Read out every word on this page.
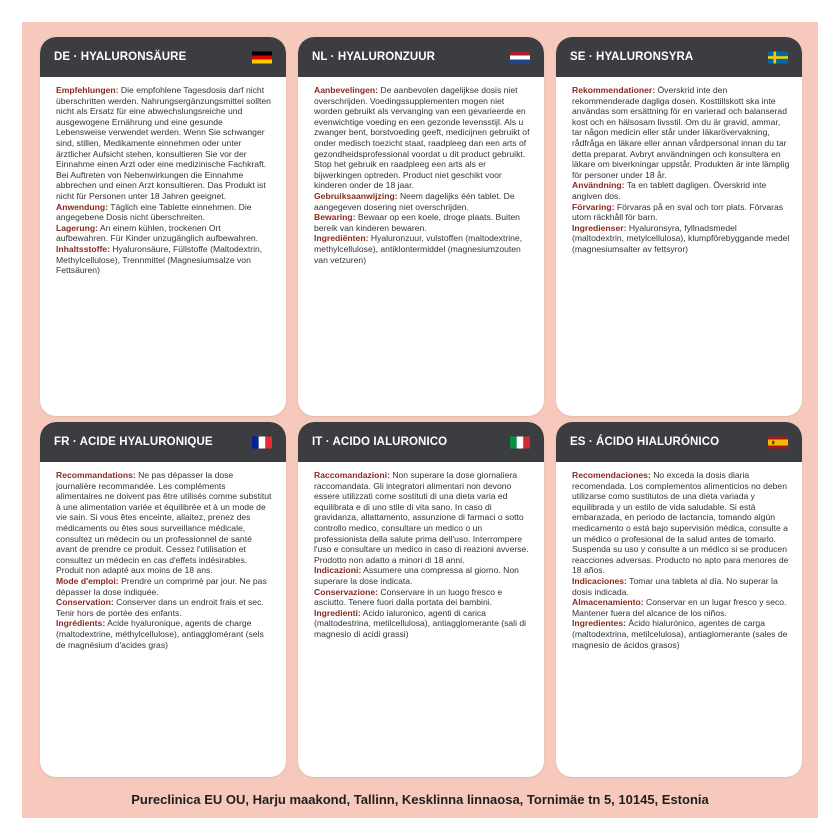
DE · HYALURONSÄURE

Empfehlungen: Die empfohlene Tagesdosis darf nicht überschritten werden. Nahrungsergänzungsmittel sollten nicht als Ersatz für eine abwechslungsreiche und ausgewogene Ernährung und eine gesunde Lebensweise verwendet werden. Wenn Sie schwanger sind, stillen, Medikamente einnehmen oder unter ärztlicher Aufsicht stehen, konsultieren Sie vor der Einnahme einen Arzt oder eine medizinische Fachkraft. Bei Auftreten von Nebenwirkungen die Einnahme abbrechen und einen Arzt konsultieren. Das Produkt ist nicht für Personen unter 18 Jahren geeignet.

Anwendung: Täglich eine Tablette einnehmen. Die angegebene Dosis nicht überschreiten.

Lagerung: An einem kühlen, trockenen Ort aufbewahren. Für Kinder unzugänglich aufbewahren.

Inhaltsstoffe: Hyaluronsäure, Füllstoffe (Maltodextrin, Methylcellulose), Trennmittel (Magnesiumsalze von Fettsäuren)

NL · HYALURONZUUR

Aanbevelingen: De aanbevolen dagelijkse dosis niet overschrijden. Voedingssupplementen mogen niet worden gebruikt als vervanging van een gevarieerde en evenwichtige voeding en een gezonde levensstijl. Als u zwanger bent, borstvoeding geeft, medicijnen gebruikt of onder medisch toezicht staat, raadpleeg dan een arts of gezondheidsprofessional voordat u dit product gebruikt. Stop het gebruik en raadpleeg een arts als er bijwerkingen optreden. Product niet geschikt voor kinderen onder de 18 jaar.

Gebruiksaanwijzing: Neem dagelijks één tablet. De aangegeven dosering niet overschrijden.

Bewaring: Bewaar op een koele, droge plaats. Buiten bereik van kinderen bewaren.

Ingrediënten: Hyaluronzuur, vulstoffen (maltodextrine, methylcellulose), antiklontermiddel (magnesiumzouten van vetzuren)

SE · HYALURONSYRA

Rekommendationer: Överskrid inte den rekommenderade dagliga dosen. Kosttillskott ska inte användas som ersättning för en varierad och balanserad kost och en hälsosam livsstil. Om du är gravid, ammar, tar någon medicin eller står under läkarövervakning, rådfråga en läkare eller annan vårdpersonal innan du tar detta preparat. Avbryt användningen och konsultera en läkare om biverkningar uppstår. Produkten är inte lämplig för personer under 18 år.

Användning: Ta en tablett dagligen. Överskrid inte angiven dos.

Förvaring: Förvaras på en sval och torr plats. Förvaras utom räckhåll för barn.

Ingredienser: Hyaluronsyra, fyllnadsmedel (maltodextrin, metylcellulosa), klumpförebyggande medel (magnesiumsalter av fettsyror)

FR · ACIDE HYALURONIQUE

Recommandations: Ne pas dépasser la dose journalière recommandée. Les compléments alimentaires ne doivent pas être utilisés comme substitut à une alimentation variée et équilibrée et à un mode de vie sain. Si vous êtes enceinte, allaitez, prenez des médicaments ou êtes sous surveillance médicale, consultez un médecin ou un professionnel de santé avant de prendre ce produit. Cessez l'utilisation et consultez un médecin en cas d'effets indésirables. Produit non adapté aux moins de 18 ans.

Mode d'emploi: Prendre un comprimé par jour. Ne pas dépasser la dose indiquée.

Conservation: Conserver dans un endroit frais et sec. Tenir hors de portée des enfants.

Ingrédients: Acide hyaluronique, agents de charge (maltodextrine, méthylcellulose), antiagglomérant (sels de magnésium d'acides gras)

IT · ACIDO IALURONICO

Raccomandazioni: Non superare la dose giornaliera raccomandata. Gli integratori alimentari non devono essere utilizzati come sostituti di una dieta varia ed equilibrata e di uno stile di vita sano. In caso di gravidanza, allattamento, assunzione di farmaci o sotto controllo medico, consultare un medico o un professionista della salute prima dell'uso. Interrompere l'uso e consultare un medico in caso di reazioni avverse. Prodotto non adatto a minori di 18 anni.

Indicazioni: Assumere una compressa al giorno. Non superare la dose indicata.

Conservazione: Conservare in un luogo fresco e asciutto. Tenere fuori dalla portata dei bambini.

Ingredienti: Acido ialuronico, agenti di carica (maltodestrina, metilcellulosa), antiagglomerante (sali di magnesio di acidi grassi)

ES · ÁCIDO HIALURÓNICO

Recomendaciones: No exceda la dosis diaria recomendada. Los complementos alimenticios no deben utilizarse como sustitutos de una dieta variada y equilibrada y un estilo de vida saludable. Si está embarazada, en periodo de lactancia, tomando algún medicamento o está bajo supervisión médica, consulte a un médico o profesional de la salud antes de tomarlo. Suspenda su uso y consulte a un médico si se producen reacciones adversas. Producto no apto para menores de 18 años.

Indicaciones: Tomar una tableta al día. No superar la dosis indicada.

Almacenamiento: Conservar en un lugar fresco y seco. Mantener fuera del alcance de los niños.

Ingredientes: Ácido hialurónico, agentes de carga (maltodextrina, metilcelulosa), antiaglomerante (sales de magnesio de ácidos grasos)

Pureclinica EU OU, Harju maakond, Tallinn, Kesklinna linnaosa, Tornimäe tn 5, 10145, Estonia
